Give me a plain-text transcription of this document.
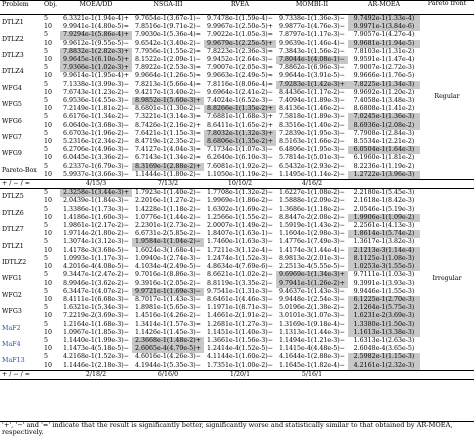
Problem	Obj.	MOEA/DD	NSGA-III	RVEA	MOMBI-II	AR-MOEA	Pareto front
DTLZ1	5	6.3321e-1(1.94e-4)+	9.7654e-1(3.67e-1)−	9.7478e-1(1.59e-4)−	9.7338e-1(1.36e-3)−	9.7492e-1(1.33e-4)	Regular
	10	9.9941e-1(4.80e-5)≈	7.8516e-1(9.71e-2)−	9.9967e-1(2.50e-5)+	9.9877e-1(4.76e-3)−	9.9971e-1(3.84e-6)	
DTLZ2	5	7.9294e-1(5.86e-4)+	7.9030e-1(5.36e-4)≈	7.9022e-1(1.05e-3)≈	7.8797e-1(1.17e-3)−	7.9057e-1(4.27e-4)	
	10	9.9612e-1(9.55e-5)−	9.6542e-1(3.40e-2)−	9.9679e-1(2.25e-5)+	9.9639e-1(1.46e-4)−	9.9681e-1(1.94e-5)	
DTLZ3	5	7.8832e-1(2.82e-3)+	7.7956e-1(1.55e-2)≈	7.8223e-1(2.36e-3)≈	7.3843e-1(1.56e-2)−	7.8103e-1(1.31e-2)	
	10	9.9645e-1(6.10e-5)+	8.1522e-1(2.09e-1)−	9.9452e-1(2.64e-3)−	7.8044e-1(4.08e-1)−	9.9591e-1(1.47e-4)	
DTLZ4	5	7.9366e-1(1.02e-3)+	7.8922e-1(2.53e-3)≈	7.9007e-1(2.05e-3)≈	7.8862e-1(6.96e-3)−	7.9007e-1(2.72e-3)	
	10	9.9614e-1(1.95e-4)+	9.9664e-1(1.26e-5)≈	9.9663e-1(2.49e-5)≈	9.9644e-1(3.91e-5)−	9.9666e-1(1.76e-5)	
WFG4	5	7.1338e-1(3.99e-3)−	7.8213e-1(5.66e-4)≈	7.8116e-1(8.06e-4)≈	7.9283e-1(1.42e-3)+	7.8225e-1(1.34e-3)	
	10	7.6743e-1(1.23e-2)−	9.4217e-1(3.40e-2)−	9.6964e-1(2.41e-2)−	8.4436e-1(1.17e-2)−	9.9692e-1(1.20e-2)	
WFG5	5	6.9536e-1(4.55e-3)−	8.9852e-1(5.60e-3)+	7.4024e-1(6.52e-3)−	7.4094e-1(1.89e-3)−	7.4058e-1(3.48e-3)	
	10	7.2149e-1(1.81e-2)−	8.6801e-1(1.30e-2)−	8.8266e-1(1.35e-2)+	8.4136e-1(1.46e-2)−	8.6808e-1(1.41e-2)	
WFG6	5	6.6176e-1(1.34e-2)−	7.3221e-1(3.14e-3)≈	7.6881e-1(1.68e-3)+	7.5818e-1(1.89e-3)−	7.0245e-1(1.36e-3)	
	10	6.0640e-1(3.68e-3)−	8.7426e-1(2.16e-2)+	8.6411e-1(1.65e-2)+	8.3516e-1(1.40e-2)−	8.6936e-1(2.08e-2)	
WFG7	5	6.6703e-1(1.96e-2)−	7.6421e-1(1.15e-3)≈	7.8032e-1(1.32e-3)+	7.2839e-1(1.95e-3)−	7.7908e-1(2.84e-3)	
	10	5.2316e-1(2.34e-2)−	8.4719e-1(2.35e-2)−	8.6806e-1(1.35e-2)+	8.5163e-1(1.66e-2)−	8.5534e-1(2.21e-2)	
WFG9	5	6.2706e-1(4.96e-3)−	7.4127e-1(4.04e-3)≈	7.1734e-1(1.07e-3)−	6.4806e-1(1.95e-3)−	6.0504e-1(1.64e-3)	
	10	6.0445e-1(3.36e-2)−	6.7143e-1(1.34e-2)≈	6.2640e-1(6.10e-3)−	5.7814e-1(5.01e-3)−	6.1960e-1(1.81e-2)	
Pareto-Box	5	6.2337e-1(6.79e-3)−	8.3169e-1(2.88e-2)+	7.6081e-1(1.92e-2)−	6.5432e-1(2.93e-2)−	8.2236e-1(1.19e-2)	
	10	5.9937e-1(3.66e-3)−	1.1444e-1(1.80e-2)−	1.1050e-1(1.19e-2)−	1.1495e-1(1.14e-2)−	1.2722e-1(3.96e-3)	
+ / − / ≈		4/15/3	7/13/2	10/10/2	4/16/2		
DTLZ5	5	2.3258e-1(3.44e-3)+	1.7923e-1(1.40e-2)−	1.7708e-1(1.32e-2)−	1.6227e-1(1.08e-2)−	2.2180e-1(5.45e-3)	Irregular
	10	2.0439e-1(1.84e-3)−	2.2016e-1(1.27e-2)−	1.9969e-1(1.86e-2)−	1.5888e-1(2.09e-2)−	2.1618e-1(8.42e-3)	
DTLZ6	5	1.3386e-1(1.73e-3)−	1.4228e-1(1.18e-2)−	1.6302e-1(1.69e-2)−	1.3686e-1(1.18e-2)−	2.0546e-1(5.19e-3)	
	10	1.4186e-1(1.60e-3)−	1.0776e-1(1.44e-2)−	1.2566e-1(1.55e-2)−	8.8447e-2(2.08e-2)−	1.9906e-1(1.09e-2)	
DTLZ7	5	1.9861e-1(2.17e-2)−	2.2301e-1(2.73e-2)−	2.0007e-1(1.49e-2)−	1.5919e-1(1.43e-2)−	2.2561e-1(4.13e-3)	
	10	1.9714e-2(1.80e-2)−	6.6731e-2(5.85e-2)−	1.8407e-1(1.63e-1)−	1.1604e-1(2.98e-3)−	1.8614e-1(5.74e-2)	
DTLZ1	5	1.3074e-1(3.12e-3)−	1.9584e-1(1.04e-2)−	1.7460e-1(1.63e-3)−	1.4776e-1(7.49e-3)−	1.3617e-1(3.82e-3)	
	10	1.4178e-3(3.68e-5)−	1.6024e-3(1.68e-4)−	1.7211e-3(1.12e-4)−	1.4174e-3(1.44e-4)−	2.1213e-3(1.14e-4)	
IDTLZ2	5	1.0993e-1(1.17e-3)−	1.0940e-1(2.74e-3)−	1.2474e-1(1.52e-3)−	8.9813e-2(2.01e-3)−	8.1125e-1(1.08e-3)	
	10	4.2016e-4(4.08e-5)−	4.1034e-4(2.49e-5)−	4.8634e-4(7.69e-6)−	2.2513e-4(5.55e-5)−	1.0253e-3(1.55e-5)	
WFG1	5	9.3447e-1(2.47e-2)−	9.7016e-1(8.86e-3)−	8.6621e-1(1.02e-2)−	9.6969e-1(1.34e-3)+	9.7111e-1(1.03e-3)	
	10	8.9946e-1(3.62e-2)−	9.3916e-1(2.05e-2)−	8.8119e-1(3.35e-2)−	9.7941e-1(1.26e-2)+	9.3991e-1(3.93e-3)	
WFG2	5	6.3447e-1(4.07e-2)−	9.9721e-1(1.69e-3)−	9.7541e-1(1.31e-3)−	9.4637e-1(1.43e-3)−	9.9446e-1(1.55e-3)	
	10	8.4111e-1(6.68e-3)−	8.7017e-1(1.43e-3)−	8.6461e-1(4.46e-3)−	9.9448e-1(2.54e-3)−	6.1225e-1(2.70e-3)	
WFG3	5	1.6321e-1(5.34e-3)−	1.8981e-1(5.65e-3)−	1.1971e-1(8.71e-3)−	5.0196e-2(1.38e-2)−	2.1264e-1(5.75e-3)	
	10	7.2219e-2(3.69e-3)−	1.4516e-1(4.26e-2)−	1.4661e-2(1.91e-2)−	3.0101e-3(1.07e-3)−	1.6231e-2(3.69e-3)	
MaF2	5	1.2164e-1(1.68e-3)−	1.3414e-1(1.57e-3)≈	1.2681e-1(1.27e-3)−	1.3169e-1(9.18e-4)−	1.3380e-1(1.50e-3)	
	10	1.0967e-1(1.85e-3)−	1.1426e-1(1.45e-3)−	1.1451e-1(1.40e-3)−	1.1313e-1(1.44e-3)−	1.1613e-1(3.38e-3)	
MaF4	5	1.1440e-1(1.99e-3)−	2.3668e-1(1.48e-2)+	1.3661e-1(1.56e-3)−	1.1494e-1(1.21e-3)−	1.6313e-1(2.63e-3)	
	10	1.1473e-4(5.18e-5)−	2.6065e-4(4.79e-5)+	1.2414e-4(1.52e-5)−	1.1415e-4(4.48e-5)−	2.6048e-4(3.65e-5)	
MaF13	5	4.2168e-1(1.52e-3)−	4.6016e-1(4.26e-3)−	4.1144e-1(1.60e-2)−	4.1644e-1(2.88e-3)−	2.5982e-1(1.15e-3)	
	10	1.1446e-1(2.18e-3)−	4.1944e-1(5.35e-3)−	1.7351e-1(1.00e-2)−	1.1645e-1(1.82e-4)−	4.2161e-1(2.32e-3)	
+ / − / ≈		2/18/2	6/16/0	1/20/1	5/16/1		
'+', '−' and '≈' indicate that the result is significantly better, significantly worse and statistically similar to that obtained by AR-MOEA, respectively.
